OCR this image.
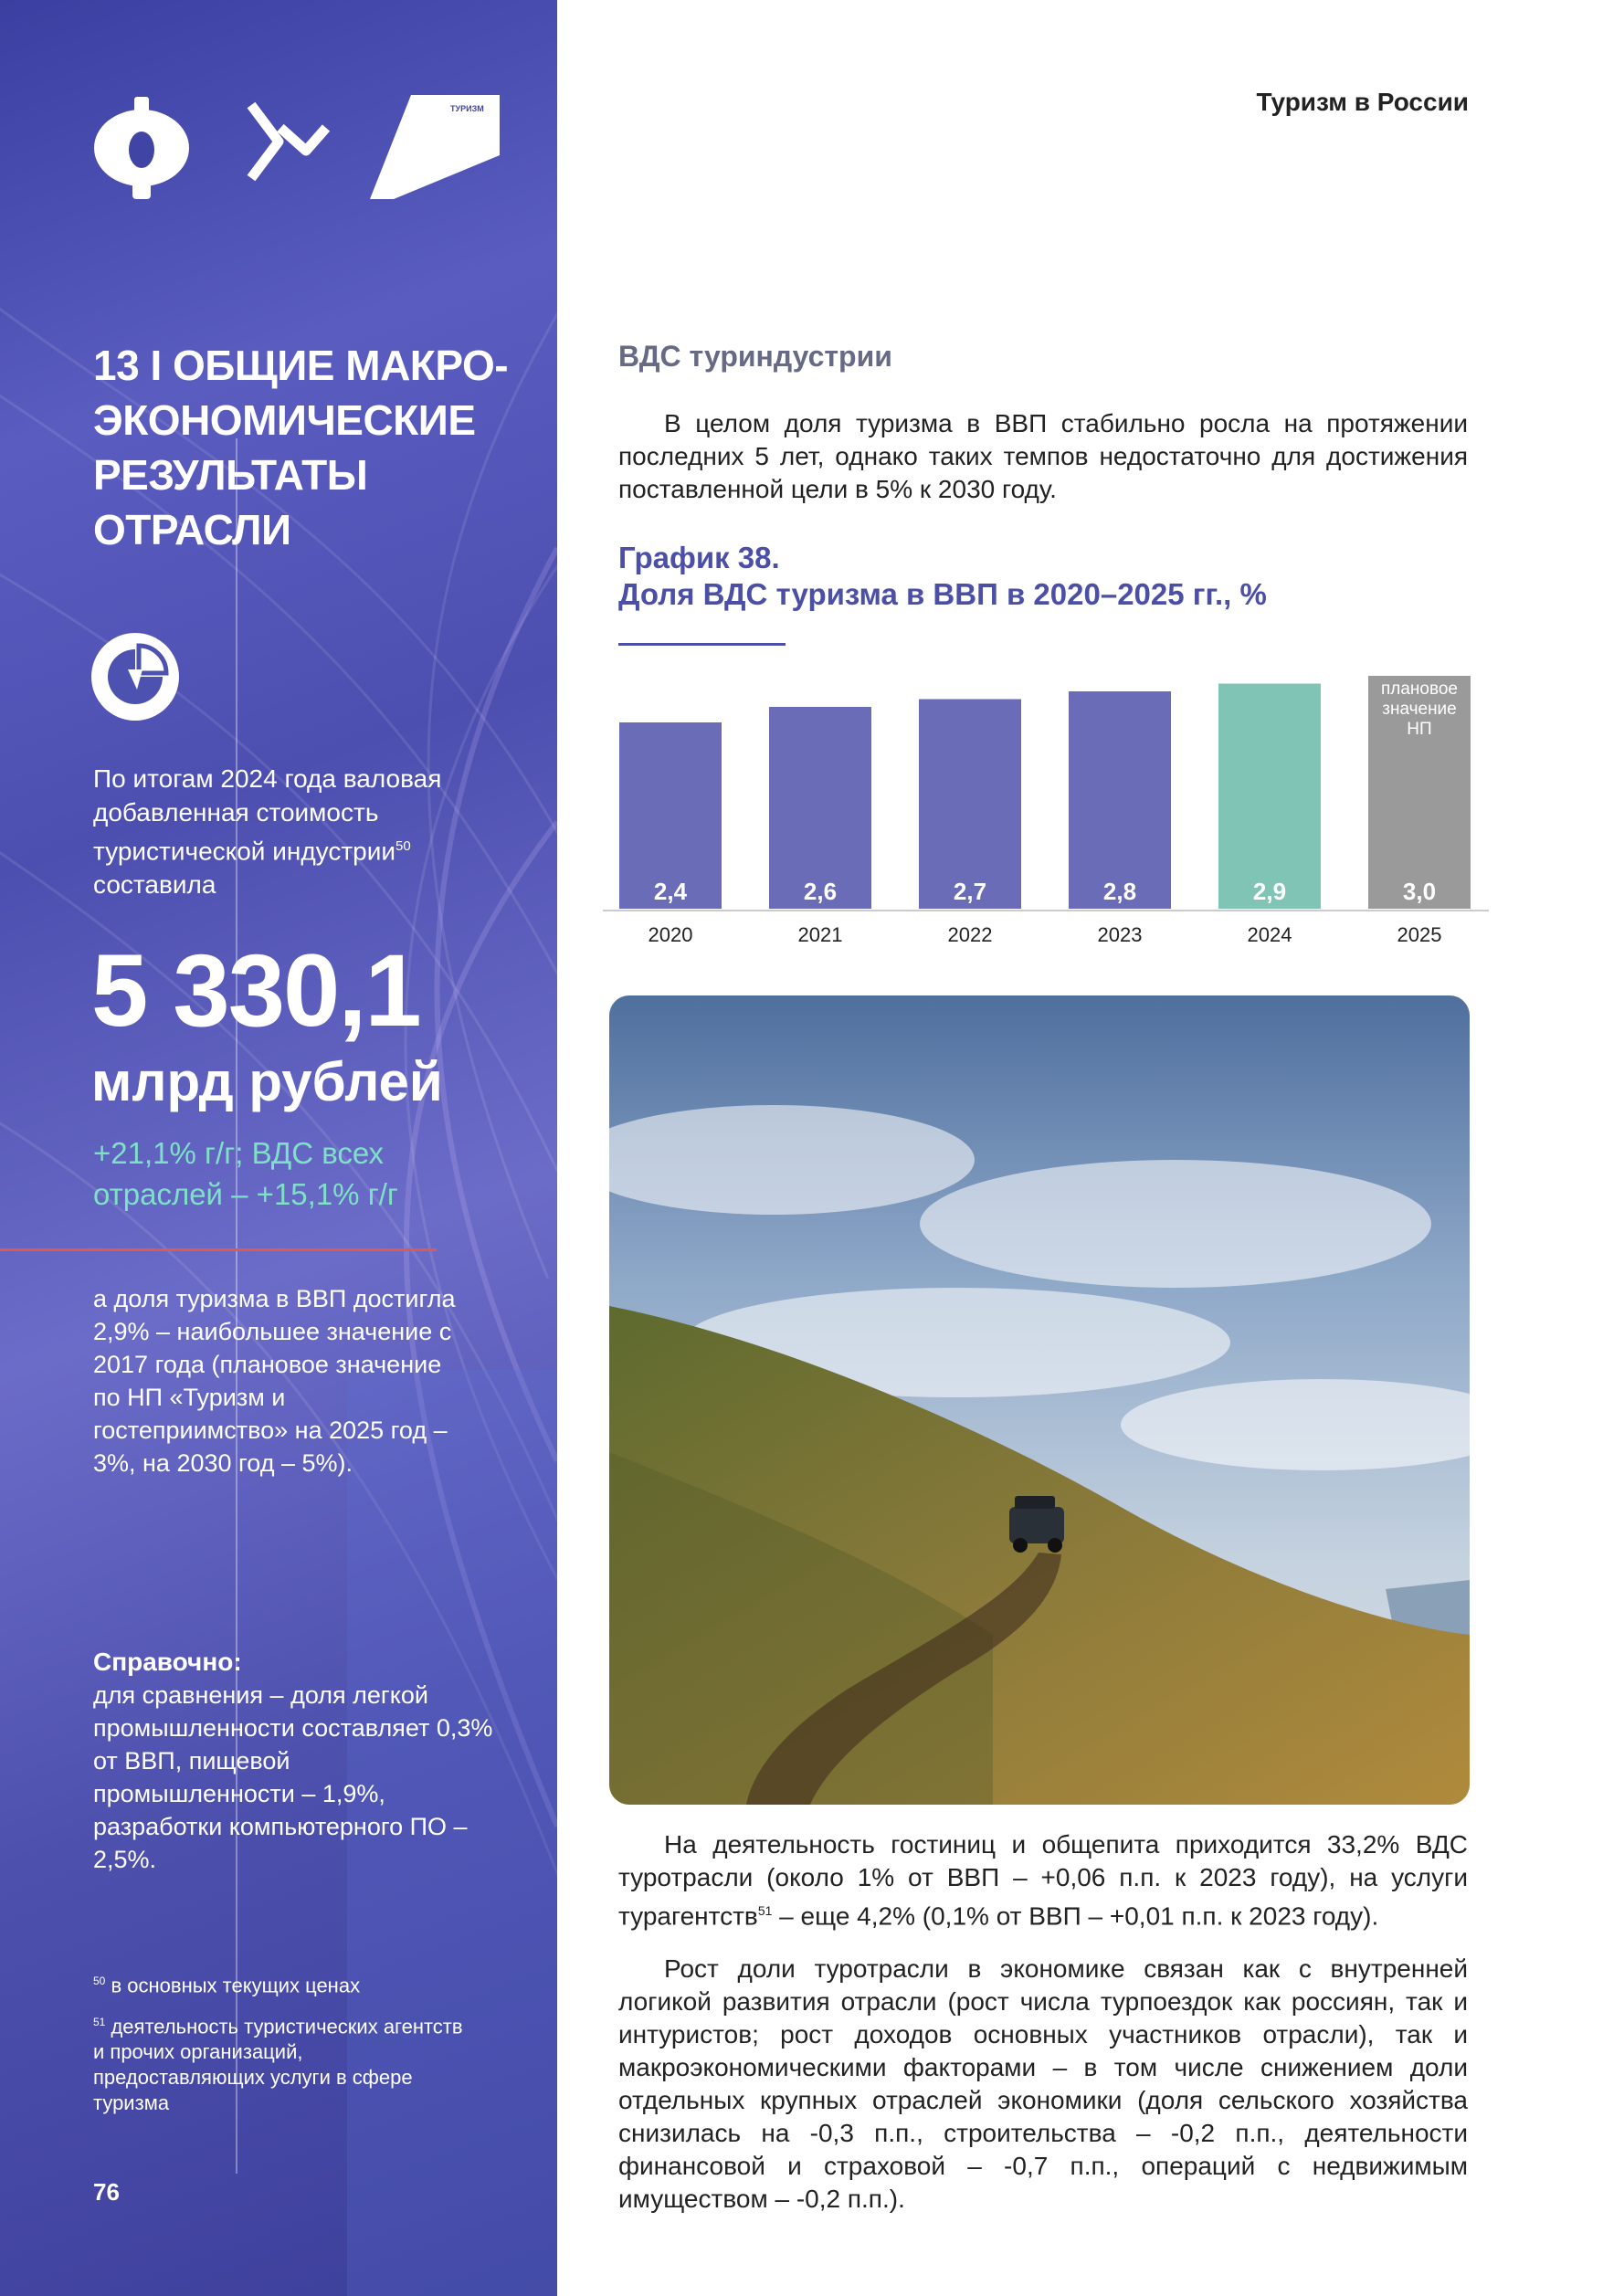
ТУРИЗМ
13 I ОБЩИЕ МАКРО-ЭКОНОМИЧЕСКИЕ РЕЗУЛЬТАТЫ ОТРАСЛИ
По итогам 2024 года валовая добавленная стоимость туристической индустрии$^{50}$ составила
5 330,1
млрд рублей
+21,1% г/г; ВДС всех отраслей – +15,1% г/г
а доля туризма в ВВП достигла 2,9% – наибольшее значение с 2017 года (плановое значение по НП «Туризм и гостеприимство» на 2025 год – 3%, на 2030 год – 5%).
Справочно:
для сравнения – доля легкой промышленности составляет 0,3% от ВВП, пищевой промышленности – 1,9%, разработки компьютерного ПО – 2,5%.
$^{50}$ в основных текущих ценах
$^{51}$ деятельность туристических агентств и прочих организаций, предоставляющих услуги в сфере туризма
76
Туризм в России
ВДС туриндустрии
В целом доля туризма в ВВП стабильно росла на протяжении последних 5 лет, однако таких темпов недостаточно для достижения поставленной цели в 5% к 2030 году.
График 38.
Доля ВДС туризма в ВВП в 2020–2025 гг., %
2,4
2020
2,6
2021
2,7
2022
2,8
2023
2,9
2024
3,0
2025
плановое значение НП
На деятельность гостиниц и общепита приходится 33,2% ВДС туротрасли (около 1% от ВВП – +0,06 п.п. к 2023 году), на услуги турагентств$^{51}$ – еще 4,2% (0,1% от ВВП – +0,01 п.п. к 2023 году).
Рост доли туротрасли в экономике связан как с внутренней логикой развития отрасли (рост числа турпоездок как россиян, так и интуристов; рост доходов основных участников отрасли), так и макроэкономическими факторами – в том числе снижением доли отдельных крупных отраслей экономики (доля сельского хозяйства снизилась на -0,3 п.п., строительства – -0,2 п.п., деятельности финансовой и страховой – -0,7 п.п., операций с недвижимым имуществом – -0,2 п.п.).
